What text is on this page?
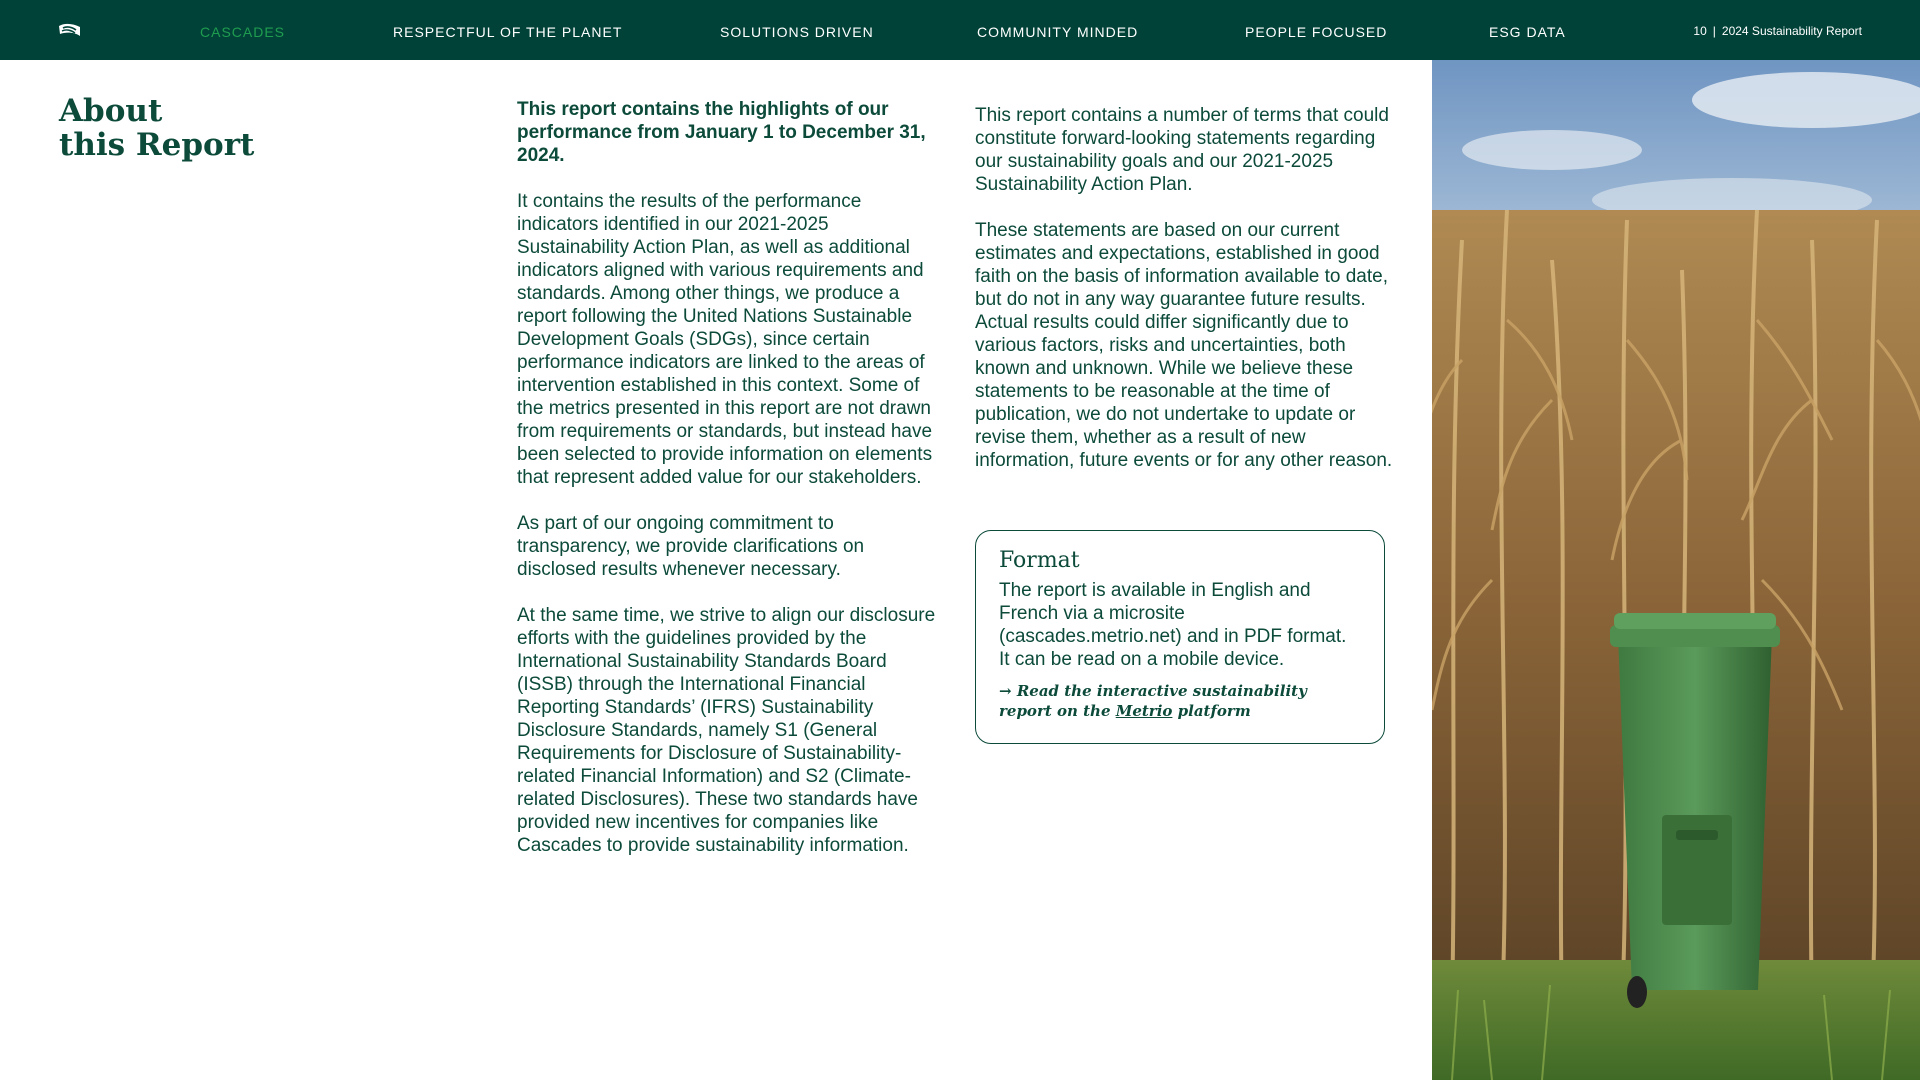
CASCADES	RESPECTFUL OF THE PLANET	SOLUTIONS DRIVEN	COMMUNITY MINDED	PEOPLE FOCUSED	ESG DATA	10 | 2024 Sustainability Report
About
this Report

This report contains the highlights of our performance from January 1 to December 31, 2024.

It contains the results of the performance indicators identified in our 2021-2025 Sustainability Action Plan, as well as additional indicators aligned with various requirements and standards. Among other things, we produce a report following the United Nations Sustainable Development Goals (SDGs), since certain performance indicators are linked to the areas of intervention established in this context. Some of the metrics presented in this report are not drawn from requirements or standards, but instead have been selected to provide information on elements that represent added value for our stakeholders.

As part of our ongoing commitment to transparency, we provide clarifications on disclosed results whenever necessary.

At the same time, we strive to align our disclosure efforts with the guidelines provided by the International Sustainability Standards Board (ISSB) through the International Financial Reporting Standards’ (IFRS) Sustainability Disclosure Standards, namely S1 (General Requirements for Disclosure of Sustainability-related Financial Information) and S2 (Climate-related Disclosures). These two standards have provided new incentives for companies like Cascades to provide sustainability information.

This report contains a number of terms that could constitute forward-looking statements regarding our sustainability goals and our 2021-2025 Sustainability Action Plan.

These statements are based on our current estimates and expectations, established in good faith on the basis of information available to date, but do not in any way guarantee future results. Actual results could differ significantly due to various factors, risks and uncertainties, both known and unknown. While we believe these statements to be reasonable at the time of publication, we do not undertake to update or revise them, whether as a result of new information, future events or for any other reason.

Format

The report is available in English and French via a microsite (cascades.metrio.net) and in PDF format. It can be read on a mobile device.

→ Read the interactive sustainability report on the Metrio platform
